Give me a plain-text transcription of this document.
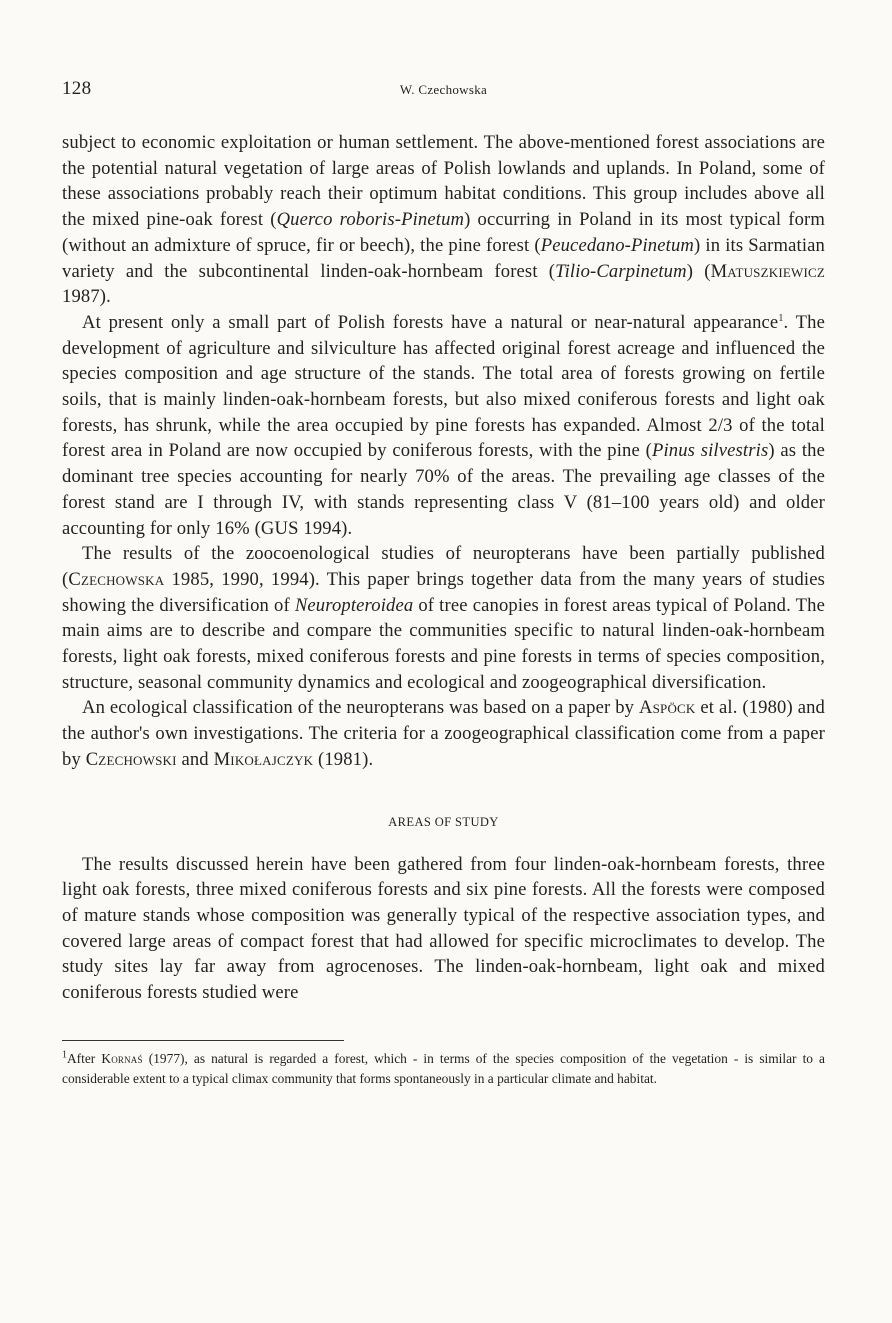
128	W. Czechowska

subject to economic exploitation or human settlement. The above-mentioned forest associations are the potential natural vegetation of large areas of Polish lowlands and uplands. In Poland, some of these associations probably reach their optimum habitat conditions. This group includes above all the mixed pine-oak forest (Querco roboris-Pinetum) occurring in Poland in its most typical form (without an admixture of spruce, fir or beech), the pine forest (Peucedano-Pinetum) in its Sarmatian variety and the subcontinental linden-oak-hornbeam forest (Tilio-Carpinetum) (Matuszkiewicz 1987).

At present only a small part of Polish forests have a natural or near-natural appearance$^1$. The development of agriculture and silviculture has affected original forest acreage and influenced the species composition and age structure of the stands. The total area of forests growing on fertile soils, that is mainly linden-oak-hornbeam forests, but also mixed coniferous forests and light oak forests, has shrunk, while the area occupied by pine forests has expanded. Almost 2/3 of the total forest area in Poland are now occupied by coniferous forests, with the pine (Pinus silvestris) as the dominant tree species accounting for nearly 70% of the areas. The prevailing age classes of the forest stand are I through IV, with stands representing class V (81–100 years old) and older accounting for only 16% (GUS 1994).

The results of the zoocoenological studies of neuropterans have been partially published (Czechowska 1985, 1990, 1994). This paper brings together data from the many years of studies showing the diversification of Neuropteroidea of tree canopies in forest areas typical of Poland. The main aims are to describe and compare the communities specific to natural linden-oak-hornbeam forests, light oak forests, mixed coniferous forests and pine forests in terms of species composition, structure, seasonal community dynamics and ecological and zoogeographical diversification.

An ecological classification of the neuropterans was based on a paper by Aspöck et al. (1980) and the author's own investigations. The criteria for a zoogeographical classification come from a paper by Czechowski and Mikołajczyk (1981).

AREAS OF STUDY

The results discussed herein have been gathered from four linden-oak-hornbeam forests, three light oak forests, three mixed coniferous forests and six pine forests. All the forests were composed of mature stands whose composition was generally typical of the respective association types, and covered large areas of compact forest that had allowed for specific microclimates to develop. The study sites lay far away from agrocenoses. The linden-oak-hornbeam, light oak and mixed coniferous forests studied were

$^1$After Kornaś (1977), as natural is regarded a forest, which - in terms of the species composition of the vegetation - is similar to a considerable extent to a typical climax community that forms spontaneously in a particular climate and habitat.
